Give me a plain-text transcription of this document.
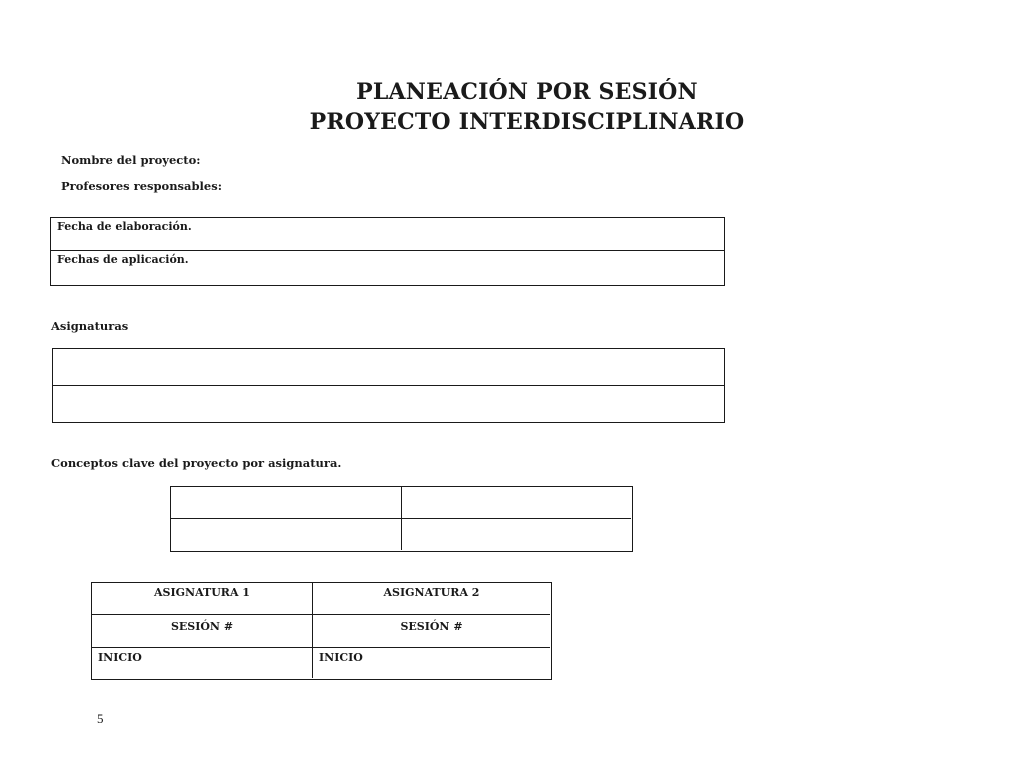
PLANEACIÓN POR SESIÓN
PROYECTO INTERDISCIPLINARIO
Nombre del proyecto:
Profesores responsables:
Fecha de elaboración.
Fechas de aplicación.
Asignaturas
Conceptos clave del proyecto por asignatura.
ASIGNATURA 1	ASIGNATURA 2
SESIÓN #	SESIÓN #
INICIO	INICIO
5
